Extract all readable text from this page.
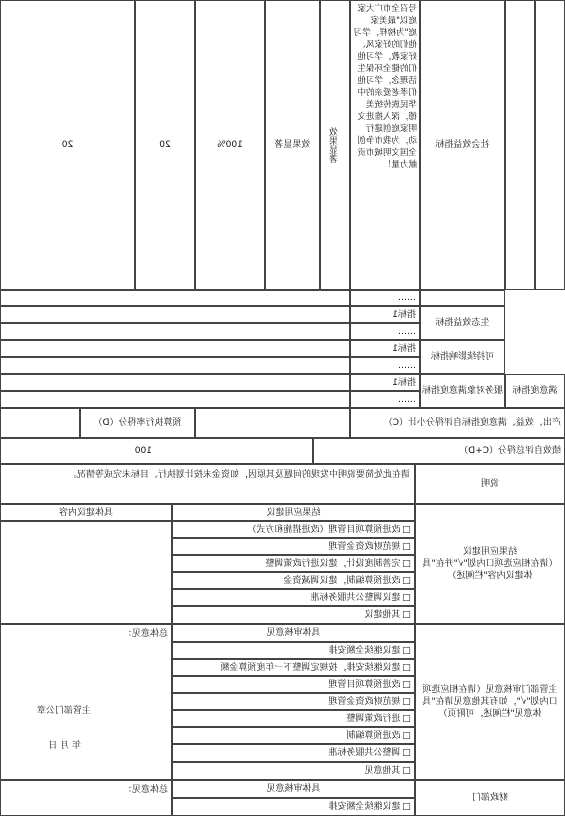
社会效益指标
号召全市广大家庭以"最美家庭"为榜样，学习他们的好家风、好家教，学习他们的健全环保生活理念，学习他们孝老爱亲的中华民族传统美德，深入推进文明家庭创建行动，为我市争创全国文明城市贡献力量！
效果显著
效果显著
100%
20
20
……
生态效益指标
指标1
……
可持续影响指标
指标1
……
满意度指标
服务对象满意度指标
指标1
……
产出、效益、满意度指标自评得分小计（C）
预算执行率得分（D）
绩效自评总得分（C+D）
100
说明
请在此处简要说明中发现的问题及其原因，如资金未按计划执行、目标未完成等情况。
结果应用建议
（请在相应选项口内划"√"并在"具体建议内容"栏阐述）
结果应用建议
具体建议内容
□ 改进预算项目管理（改进措施和方式）
□ 规范财政资金管理
□ 完善制度设计，建议进行政策调整
□ 改进预算编制，建议调减资金
□ 建议调整公共服务标准
□ 其他建议
主管部门审核意见（请在相应选项口内划"√"，如有其他意见请在"具体意见"栏阐述，可附页）
具体审核意见
□ 建议继续全额安排
□ 建议继续安排，按规定调整下一年度预算金额
□ 改进预算项目管理
□ 规范财政资金管理
□ 进行政策调整
□ 改进预算编制
□ 调整公共服务标准
□ 其他意见
总体意见：
主管部门公章
年 月 日
财政部门
具体审核意见
□ 建议继续全额安排
总体意见：
